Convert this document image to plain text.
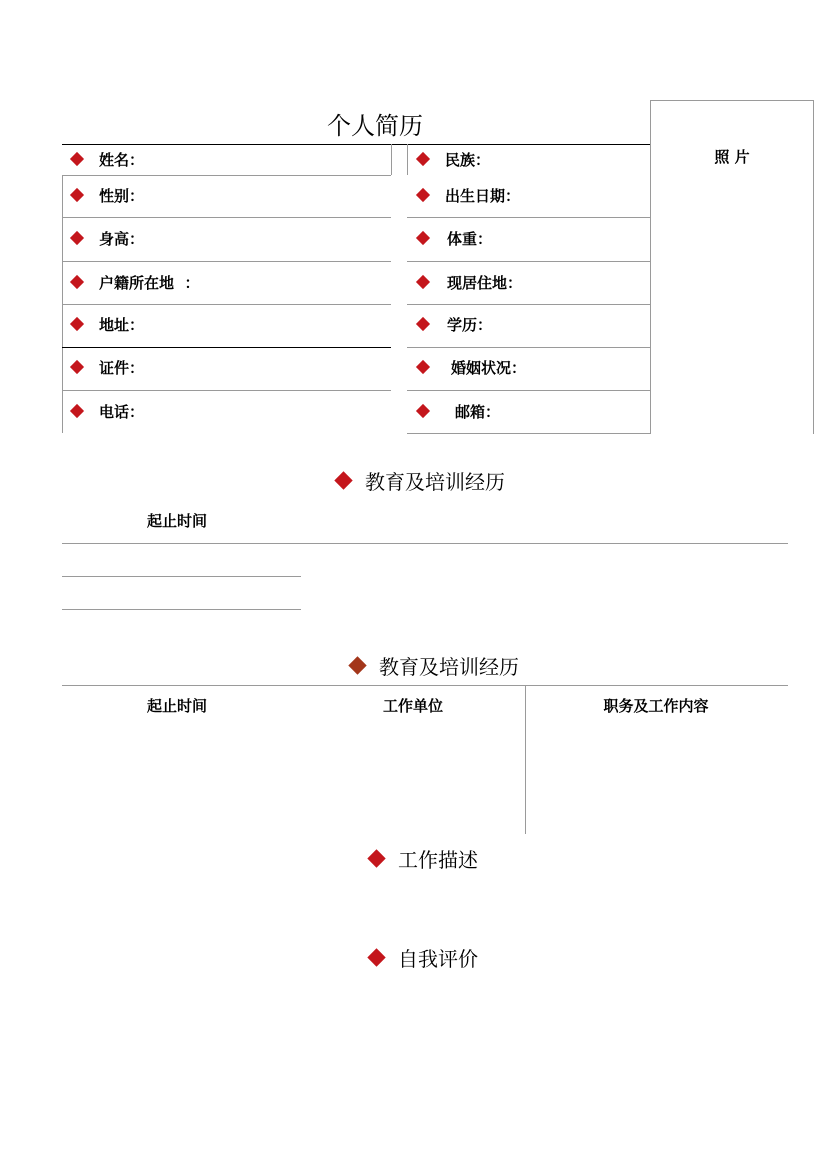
个人简历
照 片
姓名：
性别：
身高：
户籍所在地  ：
地址：
证件：
电话：
民族：
出生日期：
体重：
现居住地：
学历：
婚姻状况：
邮箱：
教育及培训经历
起止时间
教育及培训经历
起止时间	工作单位	职务及工作内容
工作描述
自我评价
